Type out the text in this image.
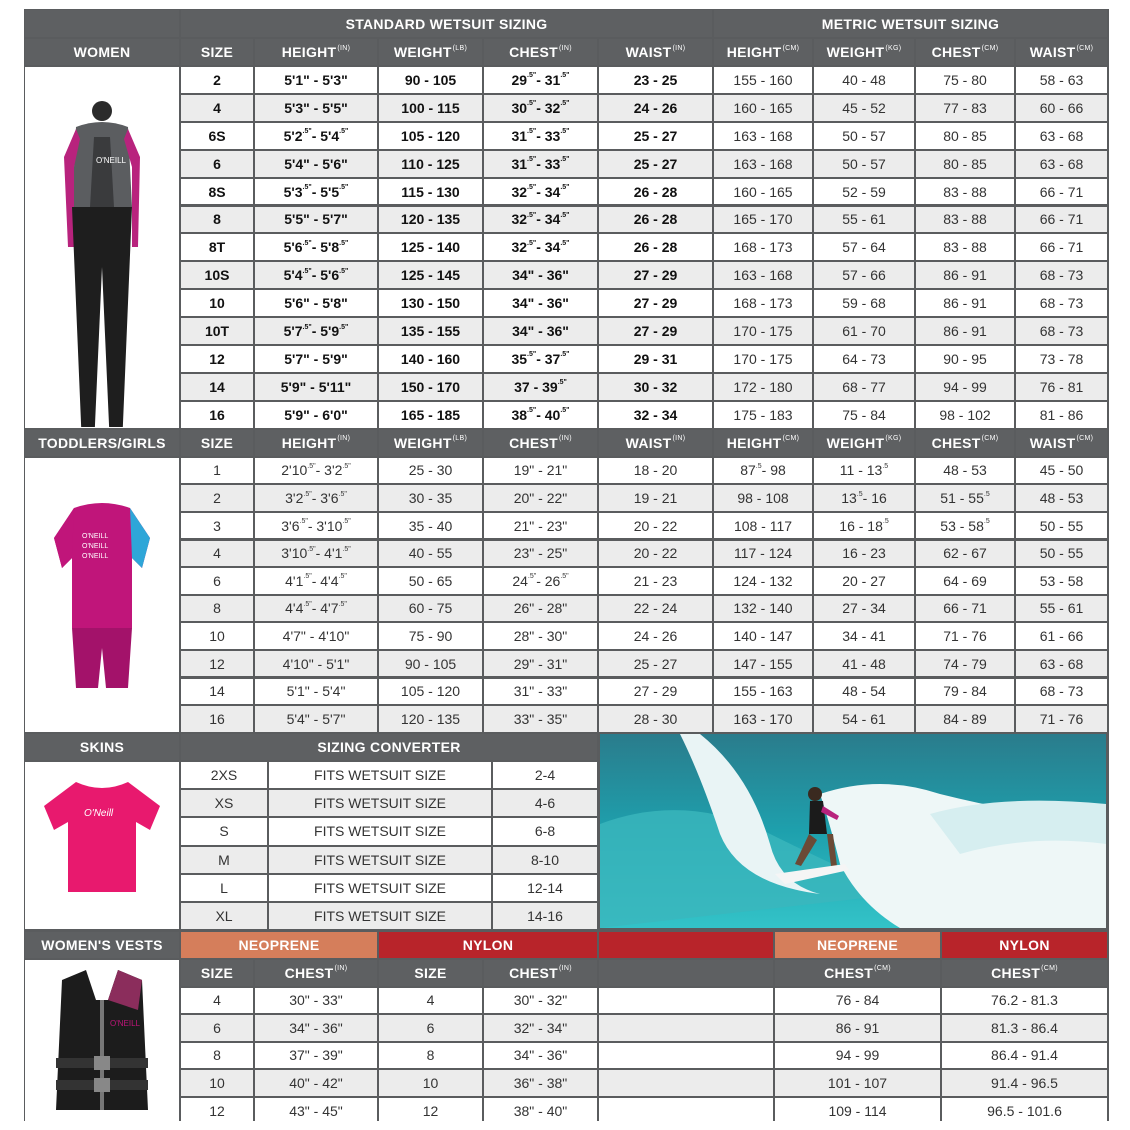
STANDARD WETSUIT SIZING	METRIC WETSUIT SIZING
WOMEN	SIZE	$HEIGHT^{(IN)}$	$WEIGHT^{(LB)}$	$CHEST^{(IN)}$	$WAIST^{(IN)}$	$HEIGHT^{(CM)}$	$WEIGHT^{(KG)}$	$CHEST^{(CM)}$	$WAIST^{(CM)}$
2	5'1" - 5'3"	90 - 105	$29^{.5"} - 31^{.5"}$	23 - 25	155 - 160	40 - 48	75 - 80	58 - 63
4	5'3" - 5'5"	100 - 115	$30^{.5"} - 32^{.5"}$	24 - 26	160 - 165	45 - 52	77 - 83	60 - 66
6S	$5'2^{.5"} - 5'4^{.5"}$	105 - 120	$31^{.5"} - 33^{.5"}$	25 - 27	163 - 168	50 - 57	80 - 85	63 - 68
6	5'4" - 5'6"	110 - 125	$31^{.5"} - 33^{.5"}$	25 - 27	163 - 168	50 - 57	80 - 85	63 - 68
8S	$5'3^{.5"} - 5'5^{.5"}$	115 - 130	$32^{.5"} - 34^{.5"}$	26 - 28	160 - 165	52 - 59	83 - 88	66 - 71
8	5'5" - 5'7"	120 - 135	$32^{.5"} - 34^{.5"}$	26 - 28	165 - 170	55 - 61	83 - 88	66 - 71
8T	$5'6^{.5"} - 5'8^{.5"}$	125 - 140	$32^{.5"} - 34^{.5"}$	26 - 28	168 - 173	57 - 64	83 - 88	66 - 71
10S	$5'4^{.5"} - 5'6^{.5"}$	125 - 145	34" - 36"	27 - 29	163 - 168	57 - 66	86 - 91	68 - 73
10	5'6" - 5'8"	130 - 150	34" - 36"	27 - 29	168 - 173	59 - 68	86 - 91	68 - 73
10T	$5'7^{.5"} - 5'9^{.5"}$	135 - 155	34" - 36"	27 - 29	170 - 175	61 - 70	86 - 91	68 - 73
12	5'7" - 5'9"	140 - 160	$35^{.5"} - 37^{.5"}$	29 - 31	170 - 175	64 - 73	90 - 95	73 - 78
14	5'9" - 5'11"	150 - 170	$37 - 39^{.5"}$	30 - 32	172 - 180	68 - 77	94 - 99	76 - 81
16	5'9" - 6'0"	165 - 185	$38^{.5"} - 40^{.5"}$	32 - 34	175 - 183	75 - 84	98 - 102	81 - 86
TODDLERS/GIRLS	SIZE	$HEIGHT^{(IN)}$	$WEIGHT^{(LB)}$	$CHEST^{(IN)}$	$WAIST^{(IN)}$	$HEIGHT^{(CM)}$	$WEIGHT^{(KG)}$	$CHEST^{(CM)}$	$WAIST^{(CM)}$
1	$2'10^{.5"} - 3'2^{.5"}$	25 - 30	19" - 21"	18 - 20	$87^{.5} - 98$	$11 - 13^{.5}$	48 - 53	45 - 50
2	$3'2^{.5"} - 3'6^{.5"}$	30 - 35	20" - 22"	19 - 21	98 - 108	$13^{.5} - 16$	$51 - 55^{.5}$	48 - 53
3	$3'6^{.5"} - 3'10^{.5"}$	35 - 40	21" - 23"	20 - 22	108 - 117	$16 - 18^{.5}$	$53 - 58^{.5}$	50 - 55
4	$3'10^{.5"} - 4'1^{.5"}$	40 - 55	23" - 25"	20 - 22	117 - 124	16 - 23	62 - 67	50 - 55
6	$4'1^{.5"} - 4'4^{.5"}$	50 - 65	$24^{.5"} - 26^{.5"}$	21 - 23	124 - 132	20 - 27	64 - 69	53 - 58
8	$4'4^{.5"} - 4'7^{.5"}$	60 - 75	26" - 28"	22 - 24	132 - 140	27 - 34	66 - 71	55 - 61
10	4'7" - 4'10"	75 - 90	28" - 30"	24 - 26	140 - 147	34 - 41	71 - 76	61 - 66
12	4'10" - 5'1"	90 - 105	29" - 31"	25 - 27	147 - 155	41 - 48	74 - 79	63 - 68
14	5'1" - 5'4"	105 - 120	31" - 33"	27 - 29	155 - 163	48 - 54	79 - 84	68 - 73
16	5'4" - 5'7"	120 - 135	33" - 35"	28 - 30	163 - 170	54 - 61	84 - 89	71 - 76
O'NEILL
O'NEILL
O'NEILL
O'NEILL
SKINS	SIZING CONVERTER
2XS	FITS WETSUIT SIZE	2-4
XS	FITS WETSUIT SIZE	4-6
S	FITS WETSUIT SIZE	6-8
M	FITS WETSUIT SIZE	8-10
L	FITS WETSUIT SIZE	12-14
XL	FITS WETSUIT SIZE	14-16
O'Neill
WOMEN'S VESTS	NEOPRENE	NYLON	NEOPRENE	NYLON
SIZE	$CHEST^{(IN)}$	SIZE	$CHEST^{(IN)}$	$CHEST^{(CM)}$	$CHEST^{(CM)}$
4	30" - 33"	4	30" - 32"	76 - 84	76.2 - 81.3
6	34" - 36"	6	32" - 34"	86 - 91	81.3 - 86.4
8	37" - 39"	8	34" - 36"	94 - 99	86.4 - 91.4
10	40" - 42"	10	36" - 38"	101 - 107	91.4 - 96.5
12	43" - 45"	12	38" - 40"	109 - 114	96.5 - 101.6
O'NEILL
